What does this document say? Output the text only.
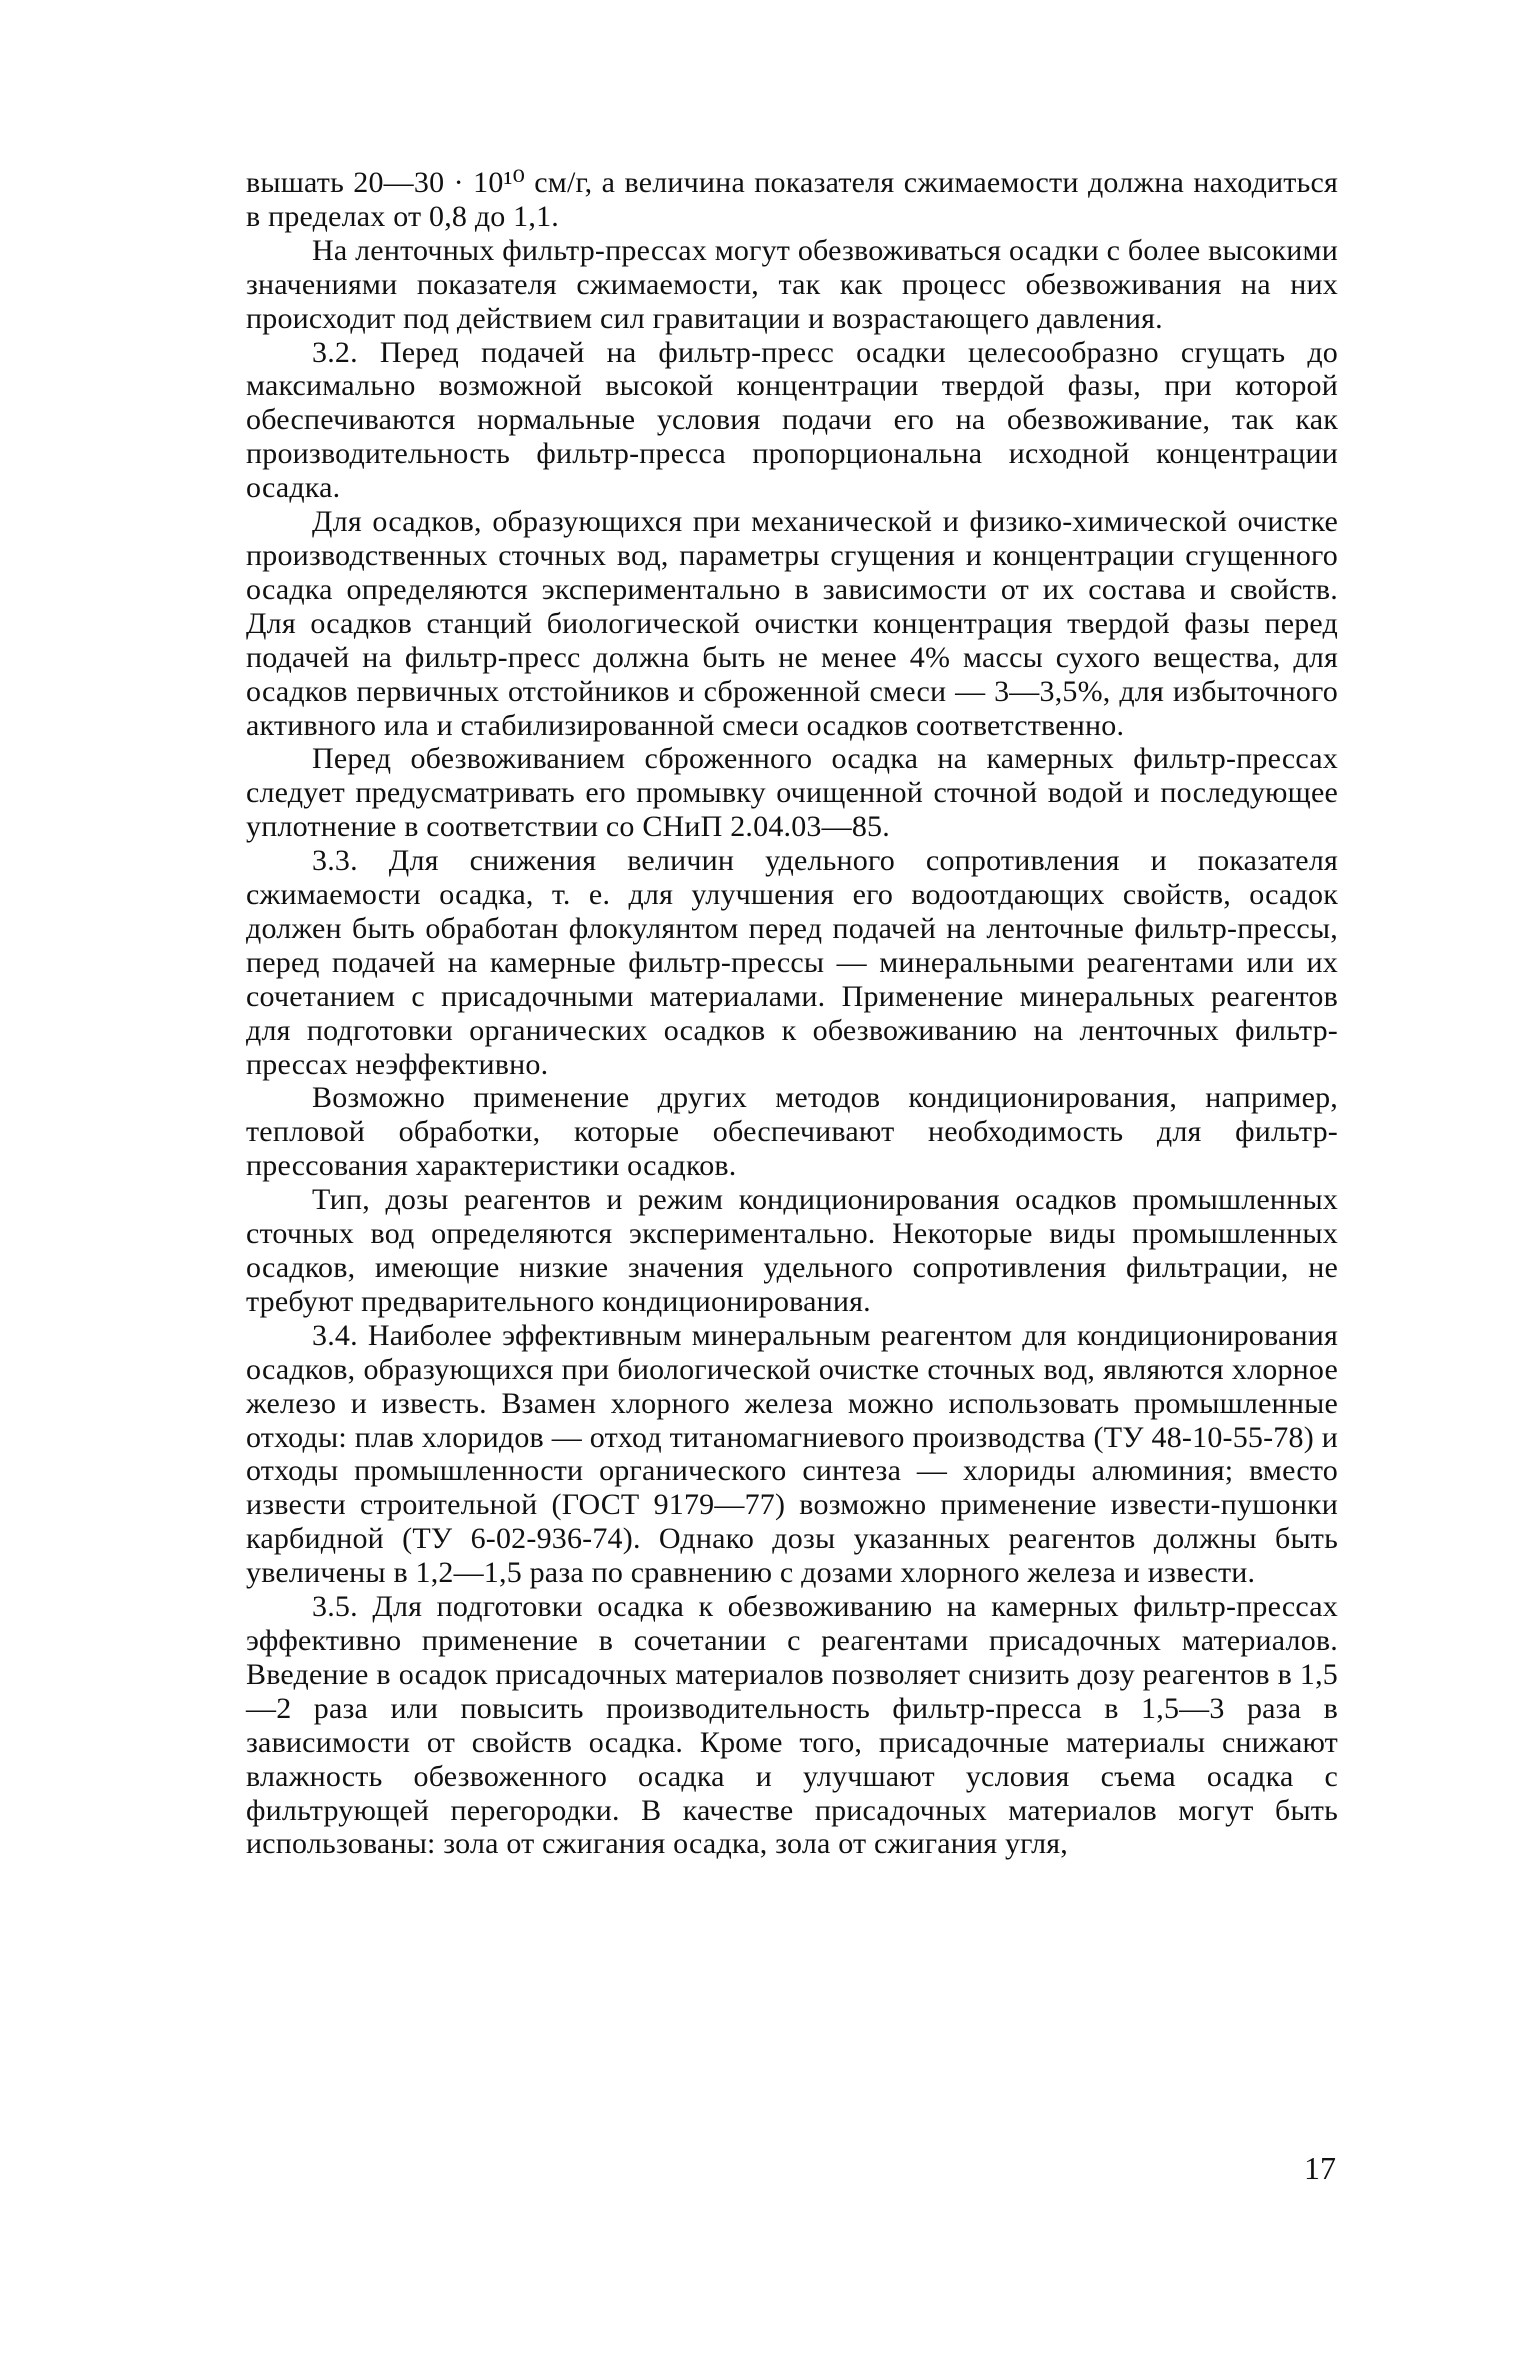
вышать 20—30 · 10¹⁰ см/г, а величина показателя сжимаемости должна находиться в пределах от 0,8 до 1,1.

На ленточных фильтр-прессах могут обезвоживаться осадки с более высокими значениями показателя сжимаемости, так как процесс обезвоживания на них происходит под действием сил гравитации и возрастающего давления.

3.2. Перед подачей на фильтр-пресс осадки целесообразно сгущать до максимально возможной высокой концентрации твердой фазы, при которой обеспечиваются нормальные условия подачи его на обезвоживание, так как производительность фильтр-пресса пропорциональна исходной концентрации осадка.

Для осадков, образующихся при механической и физико-химической очистке производственных сточных вод, параметры сгущения и концентрации сгущенного осадка определяются экспериментально в зависимости от их состава и свойств. Для осадков станций биологической очистки концентрация твердой фазы перед подачей на фильтр-пресс должна быть не менее 4% массы сухого вещества, для осадков первичных отстойников и сброженной смеси — 3—3,5%, для избыточного активного ила и стабилизированной смеси осадков соответственно.

Перед обезвоживанием сброженного осадка на камерных фильтр-прессах следует предусматривать его промывку очищенной сточной водой и последующее уплотнение в соответствии со СНиП 2.04.03—85.

3.3. Для снижения величин удельного сопротивления и показателя сжимаемости осадка, т. е. для улучшения его водоотдающих свойств, осадок должен быть обработан флокулянтом перед подачей на ленточные фильтр-прессы, перед подачей на камерные фильтр-прессы — минеральными реагентами или их сочетанием с присадочными материалами. Применение минеральных реагентов для подготовки органических осадков к обезвоживанию на ленточных фильтр-прессах неэффективно.

Возможно применение других методов кондиционирования, например, тепловой обработки, которые обеспечивают необходимость для фильтр-прессования характеристики осадков.

Тип, дозы реагентов и режим кондиционирования осадков промышленных сточных вод определяются экспериментально. Некоторые виды промышленных осадков, имеющие низкие значения удельного сопротивления фильтрации, не требуют предварительного кондиционирования.

3.4. Наиболее эффективным минеральным реагентом для кондиционирования осадков, образующихся при биологической очистке сточных вод, являются хлорное железо и известь. Взамен хлорного железа можно использовать промышленные отходы: плав хлоридов — отход титаномагниевого производства (ТУ 48-10-55-78) и отходы промышленности органического синтеза — хлориды алюминия; вместо извести строительной (ГОСТ 9179—77) возможно применение извести-пушонки карбидной (ТУ 6-02-936-74). Однако дозы указанных реагентов должны быть увеличены в 1,2—1,5 раза по сравнению с дозами хлорного железа и извести.

3.5. Для подготовки осадка к обезвоживанию на камерных фильтр-прессах эффективно применение в сочетании с реагентами присадочных материалов. Введение в осадок присадочных материалов позволяет снизить дозу реагентов в 1,5—2 раза или повысить производительность фильтр-пресса в 1,5—3 раза в зависимости от свойств осадка. Кроме того, присадочные материалы снижают влажность обезвоженного осадка и улучшают условия съема осадка с фильтрующей перегородки. В качестве присадочных материалов могут быть использованы: зола от сжигания осадка, зола от сжигания угля,

17
